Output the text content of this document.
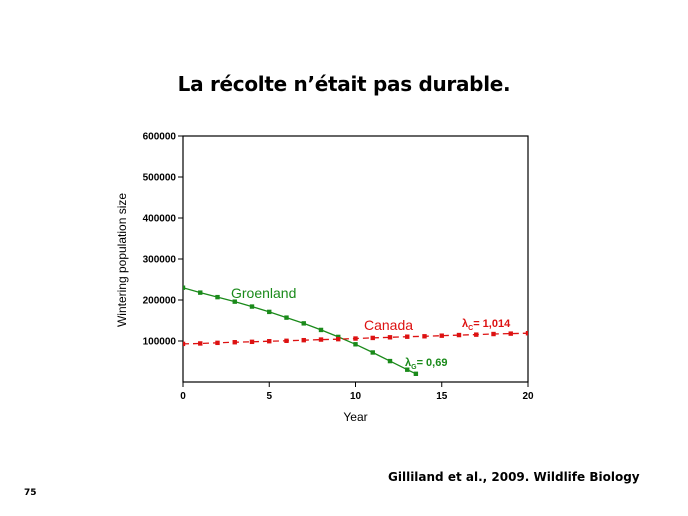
La récolte n’était pas durable.
100000
200000
300000
400000
500000
600000
0	5	10	15	20
Year
Wintering population size	Groenland
Canada
$\lambda_G= 0,69$
$\lambda_C= 1,014$
Gilliland et al., 2009. Wildlife Biology
75
